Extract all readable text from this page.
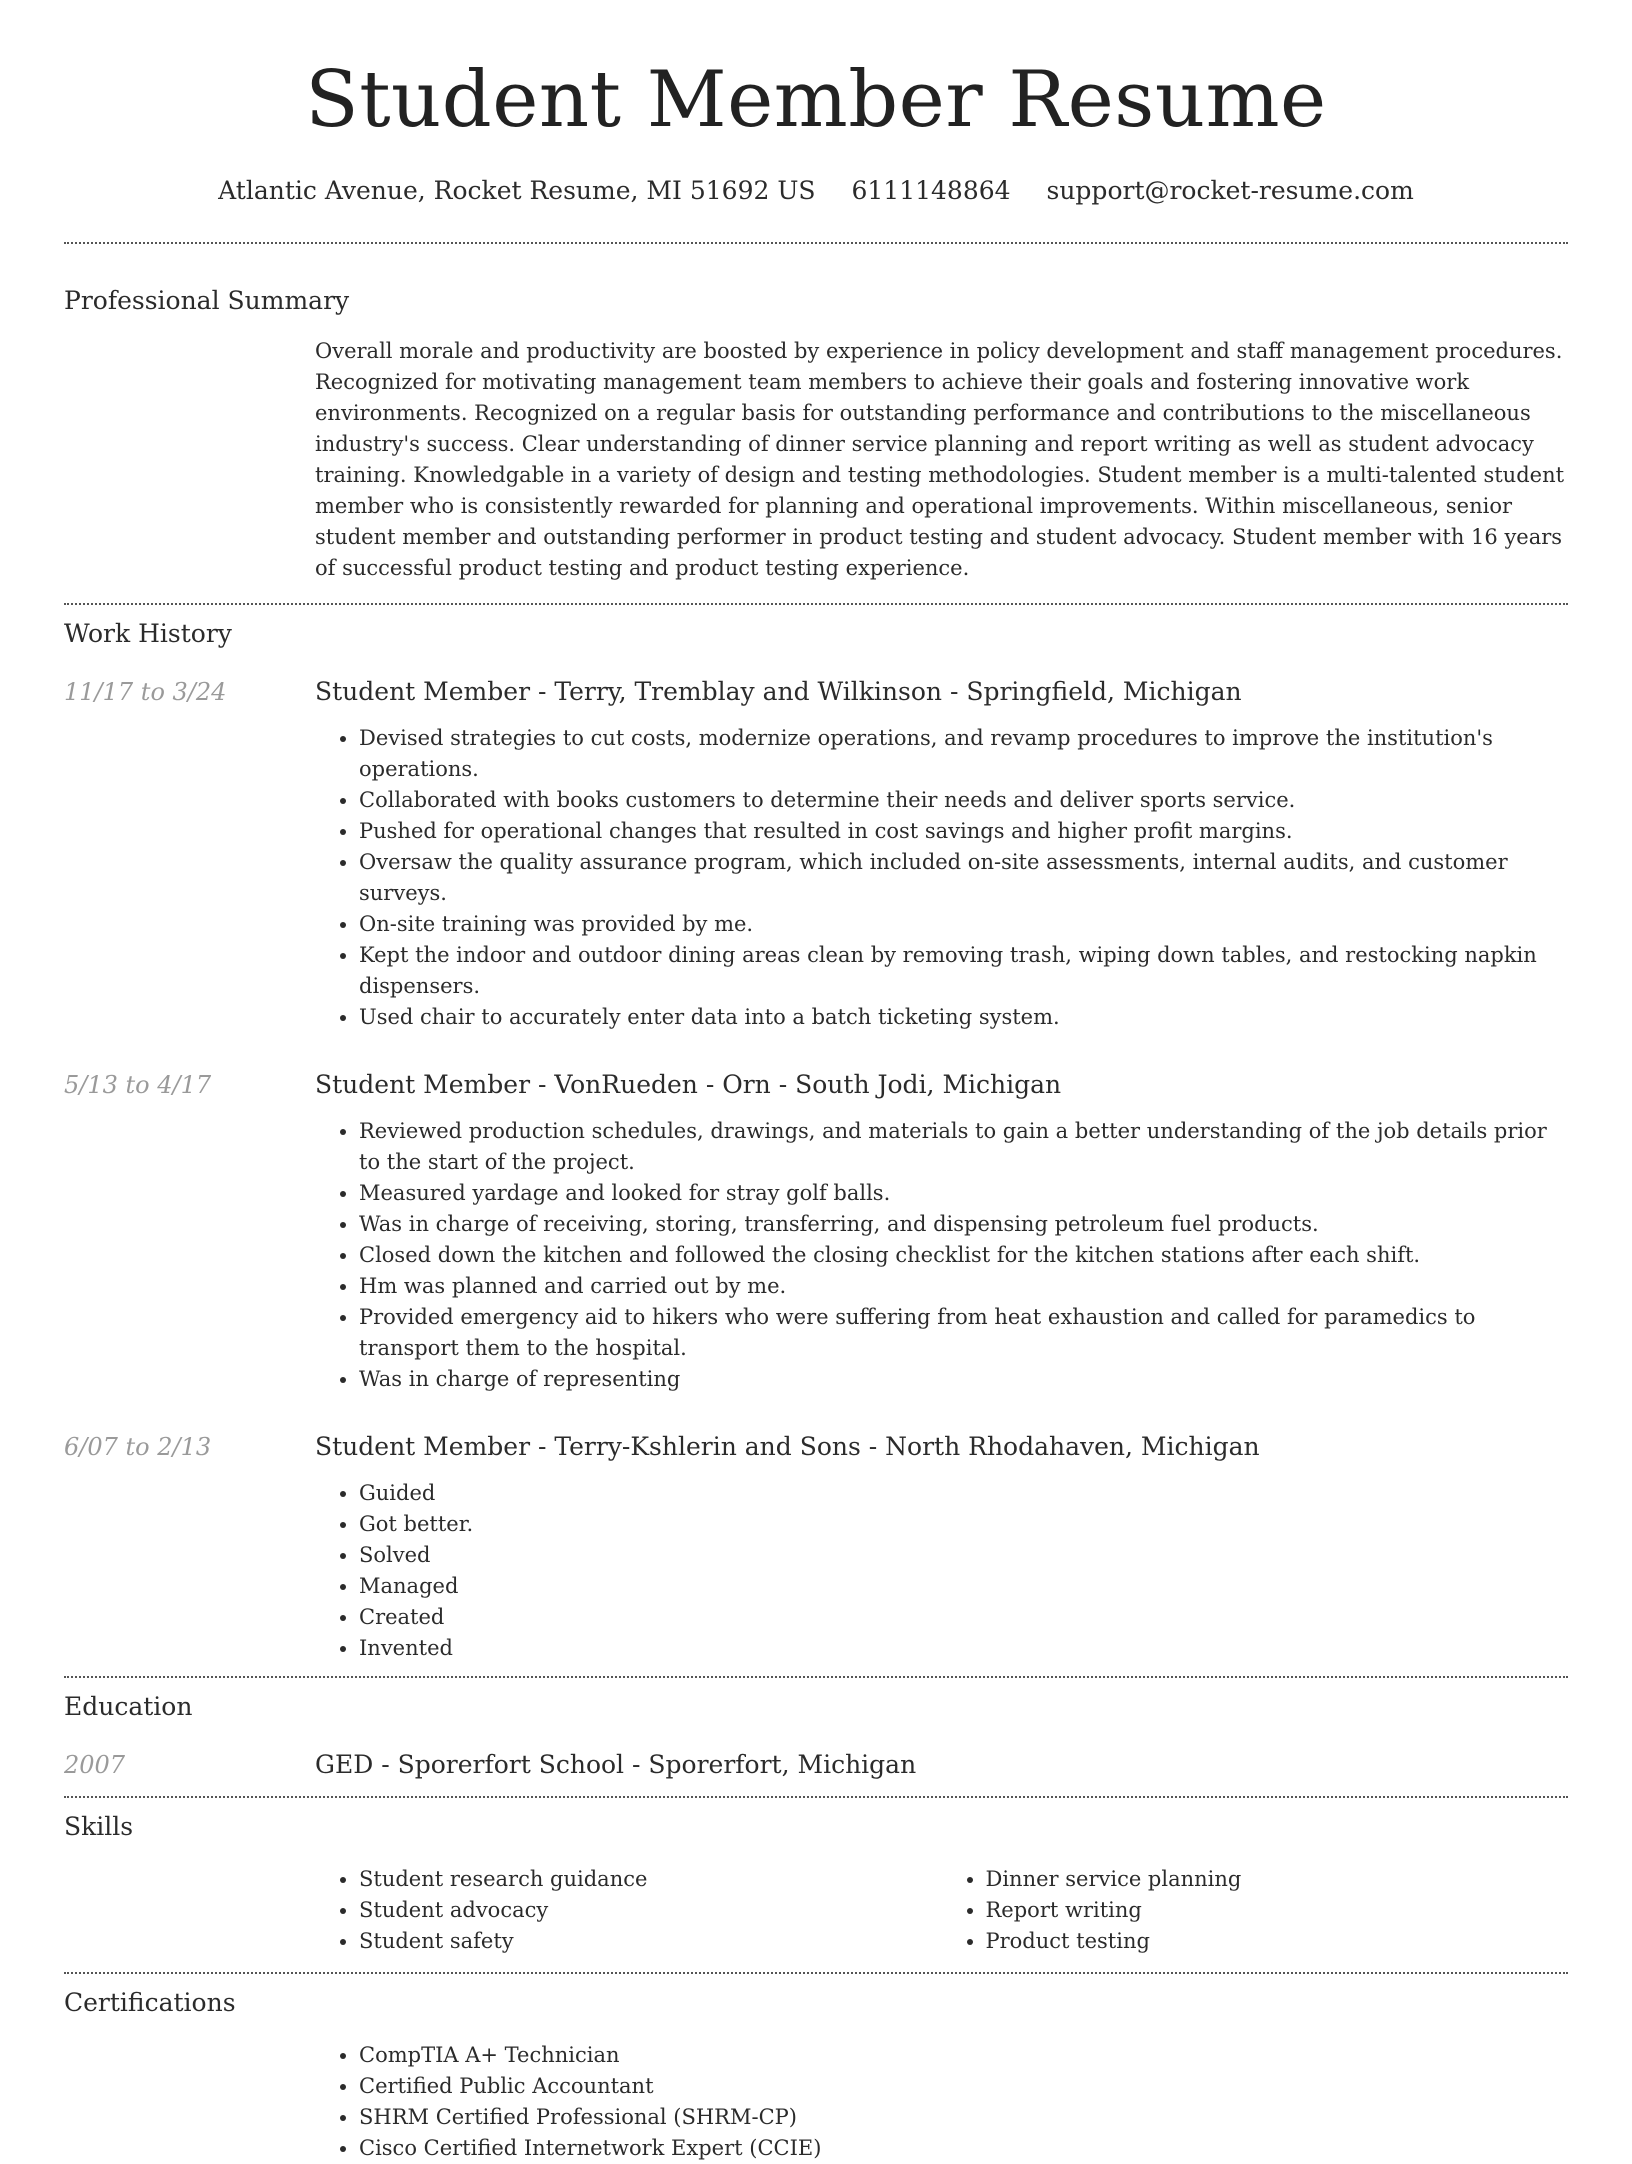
Student Member Resume
Atlantic Avenue, Rocket Resume, MI 51692 US 6111148864 support@rocket-resume.com
Professional Summary

Overall morale and productivity are boosted by experience in policy development and staff management procedures. Recognized for motivating management team members to achieve their goals and fostering innovative work environments. Recognized on a regular basis for outstanding performance and contributions to the miscellaneous industry's success. Clear understanding of dinner service planning and report writing as well as student advocacy training. Knowledgable in a variety of design and testing methodologies. Student member is a multi-talented student member who is consistently rewarded for planning and operational improvements. Within miscellaneous, senior student member and outstanding performer in product testing and student advocacy. Student member with 16 years of successful product testing and product testing experience.

Work History
11/17 to 3/24	Student Member - Terry, Tremblay and Wilkinson - Springfield, Michigan
• Devised strategies to cut costs, modernize operations, and revamp procedures to improve the institution's operations.
• Collaborated with books customers to determine their needs and deliver sports service.
• Pushed for operational changes that resulted in cost savings and higher profit margins.
• Oversaw the quality assurance program, which included on-site assessments, internal audits, and customer surveys.
• On-site training was provided by me.
• Kept the indoor and outdoor dining areas clean by removing trash, wiping down tables, and restocking napkin dispensers.
• Used chair to accurately enter data into a batch ticketing system.
5/13 to 4/17	Student Member - VonRueden - Orn - South Jodi, Michigan
• Reviewed production schedules, drawings, and materials to gain a better understanding of the job details prior to the start of the project.
• Measured yardage and looked for stray golf balls.
• Was in charge of receiving, storing, transferring, and dispensing petroleum fuel products.
• Closed down the kitchen and followed the closing checklist for the kitchen stations after each shift.
• Hm was planned and carried out by me.
• Provided emergency aid to hikers who were suffering from heat exhaustion and called for paramedics to transport them to the hospital.
• Was in charge of representing
6/07 to 2/13	Student Member - Terry-Kshlerin and Sons - North Rhodahaven, Michigan
• Guided
• Got better.
• Solved
• Managed
• Created
• Invented
Education
2007	GED - Sporerfort School - Sporerfort, Michigan
Skills
• Student research guidance
• Student advocacy
• Student safety
• Dinner service planning
• Report writing
• Product testing
Certifications
• CompTIA A+ Technician
• Certified Public Accountant
• SHRM Certified Professional (SHRM-CP)
• Cisco Certified Internetwork Expert (CCIE)
